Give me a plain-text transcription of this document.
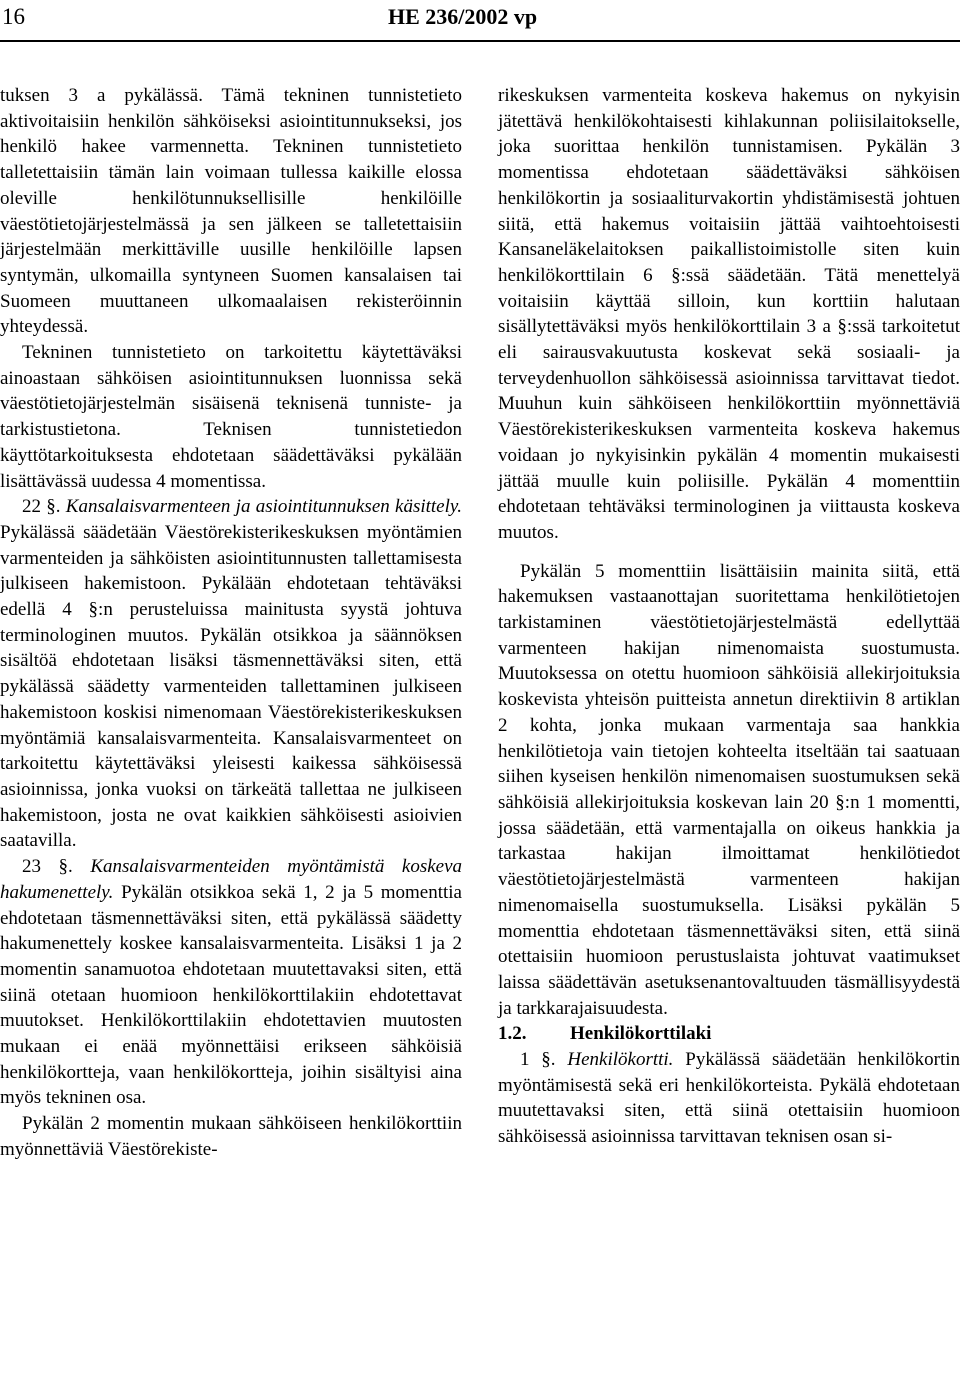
16	HE 236/2002 vp

tuksen 3 a pykälässä. Tämä tekninen tunnistetieto aktivoitaisiin henkilön sähköiseksi asiointitunnukseksi, jos henkilö hakee varmennetta. Tekninen tunnistetieto talletettaisiin tämän lain voimaan tullessa kaikille elossa oleville henkilötunnuksellisille henkilöille väestötietojärjestelmässä ja sen jälkeen se talletettaisiin järjestelmään merkittäville uusille henkilöille lapsen syntymän, ulkomailla syntyneen Suomen kansalaisen tai Suomeen muuttaneen ulkomaalaisen rekisteröinnin yhteydessä.

Tekninen tunnistetieto on tarkoitettu käytettäväksi ainoastaan sähköisen asiointitunnuksen luonnissa sekä väestötietojärjestelmän sisäisenä teknisenä tunniste- ja tarkistustietona. Teknisen tunnistetiedon käyttötarkoituksesta ehdotetaan säädettäväksi pykälään lisättävässä uudessa 4 momentissa.

22 §. Kansalaisvarmenteen ja asiointitunnuksen käsittely. Pykälässä säädetään Väestörekisterikeskuksen myöntämien varmenteiden ja sähköisten asiointitunnusten tallettamisesta julkiseen hakemistoon. Pykälään ehdotetaan tehtäväksi edellä 4 §:n perusteluissa mainitusta syystä johtuva terminologinen muutos. Pykälän otsikkoa ja säännöksen sisältöä ehdotetaan lisäksi täsmennettäväksi siten, että pykälässä säädetty varmenteiden tallettaminen julkiseen hakemistoon koskisi nimenomaan Väestörekisterikeskuksen myöntämiä kansalaisvarmenteita. Kansalaisvarmenteet on tarkoitettu käytettäväksi yleisesti kaikessa sähköisessä asioinnissa, jonka vuoksi on tärkeätä tallettaa ne julkiseen hakemistoon, josta ne ovat kaikkien sähköisesti asioivien saatavilla.

23 §. Kansalaisvarmenteiden myöntämistä koskeva hakumenettely. Pykälän otsikkoa sekä 1, 2 ja 5 momenttia ehdotetaan täsmennettäväksi siten, että pykälässä säädetty hakumenettely koskee kansalaisvarmenteita. Lisäksi 1 ja 2 momentin sanamuotoa ehdotetaan muutettavaksi siten, että siinä otetaan huomioon henkilökorttilakiin ehdotettavat muutokset. Henkilökorttilakiin ehdotettavien muutosten mukaan ei enää myönnettäisi erikseen sähköisiä henkilökortteja, vaan henkilökortteja, joihin sisältyisi aina myös tekninen osa.

Pykälän 2 momentin mukaan sähköiseen henkilökorttiin myönnettäviä Väestörekiste-

rikeskuksen varmenteita koskeva hakemus on nykyisin jätettävä henkilökohtaisesti kihlakunnan poliisilaitokselle, joka suorittaa henkilön tunnistamisen. Pykälän 3 momentissa ehdotetaan säädettäväksi sähköisen henkilökortin ja sosiaaliturvakortin yhdistämisestä johtuen siitä, että hakemus voitaisiin jättää vaihtoehtoisesti Kansaneläkelaitoksen paikallistoimistolle siten kuin henkilökorttilain 6 §:ssä säädetään. Tätä menettelyä voitaisiin käyttää silloin, kun korttiin halutaan sisällytettäväksi myös henkilökorttilain 3 a §:ssä tarkoitetut eli sairausvakuutusta koskevat sekä sosiaali- ja terveydenhuollon sähköisessä asioinnissa tarvittavat tiedot. Muuhun kuin sähköiseen henkilökorttiin myönnettäviä Väestörekisterikeskuksen varmenteita koskeva hakemus voidaan jo nykyisinkin pykälän 4 momentin mukaisesti jättää muulle kuin poliisille. Pykälän 4 momenttiin ehdotetaan tehtäväksi terminologinen ja viittausta koskeva muutos.

Pykälän 5 momenttiin lisättäisiin mainita siitä, että hakemuksen vastaanottajan suoritettama henkilötietojen tarkistaminen väestötietojärjestelmästä edellyttää varmenteen hakijan nimenomaista suostumusta. Muutoksessa on otettu huomioon sähköisiä allekirjoituksia koskevista yhteisön puitteista annetun direktiivin 8 artiklan 2 kohta, jonka mukaan varmentaja saa hankkia henkilötietoja vain tietojen kohteelta itseltään tai saatuaan siihen kyseisen henkilön nimenomaisen suostumuksen sekä sähköisiä allekirjoituksia koskevan lain 20 §:n 1 momentti, jossa säädetään, että varmentajalla on oikeus hankkia ja tarkastaa hakijan ilmoittamat henkilötiedot väestötietojärjestelmästä varmenteen hakijan nimenomaisella suostumuksella. Lisäksi pykälän 5 momenttia ehdotetaan täsmennettäväksi siten, että siinä otettaisiin huomioon perustuslaista johtuvat vaatimukset laissa säädettävän asetuksenantovaltuuden täsmällisyydestä ja tarkkarajaisuudesta.

1.2. Henkilökorttilaki

1 §. Henkilökortti. Pykälässä säädetään henkilökortin myöntämisestä sekä eri henkilökorteista. Pykälä ehdotetaan muutettavaksi siten, että siinä otettaisiin huomioon sähköisessä asioinnissa tarvittavan teknisen osan si-
